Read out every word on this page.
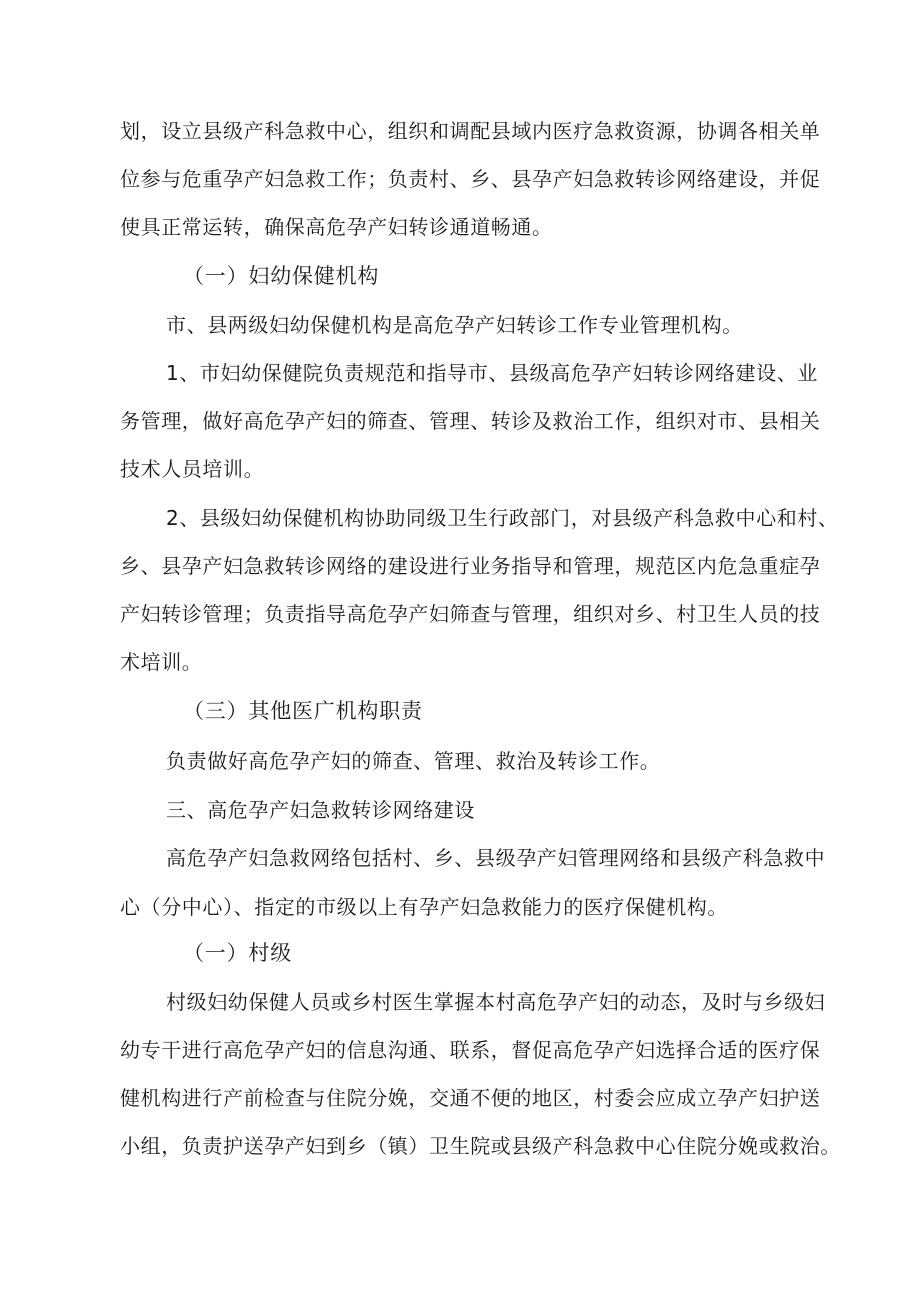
划，设立县级产科急救中心，组织和调配县域内医疗急救资源，协调各相关单
位参与危重孕产妇急救工作；负责村、乡、县孕产妇急救转诊网络建设，并促
使具正常运转，确保高危孕产妇转诊通道畅通。
（一）妇幼保健机构
市、县两级妇幼保健机构是高危孕产妇转诊工作专业管理机构。
1、市妇幼保健院负责规范和指导市、县级高危孕产妇转诊网络建设、业
务管理，做好高危孕产妇的筛查、管理、转诊及救治工作，组织对市、县相关
技术人员培训。
2、县级妇幼保健机构协助同级卫生行政部门，对县级产科急救中心和村、
乡、县孕产妇急救转诊网络的建设进行业务指导和管理，规范区内危急重症孕
产妇转诊管理；负责指导高危孕产妇筛查与管理，组织对乡、村卫生人员的技
术培训。
（三）其他医广机构职责
负责做好高危孕产妇的筛查、管理、救治及转诊工作。
三、高危孕产妇急救转诊网络建设
高危孕产妇急救网络包括村、乡、县级孕产妇管理网络和县级产科急救中
心（分中心）、指定的市级以上有孕产妇急救能力的医疗保健机构。
（一）村级
村级妇幼保健人员或乡村医生掌握本村高危孕产妇的动态，及时与乡级妇
幼专干进行高危孕产妇的信息沟通、联系，督促高危孕产妇选择合适的医疗保
健机构进行产前检查与住院分娩，交通不便的地区，村委会应成立孕产妇护送
小组，负责护送孕产妇到乡（镇）卫生院或县级产科急救中心住院分娩或救治。
